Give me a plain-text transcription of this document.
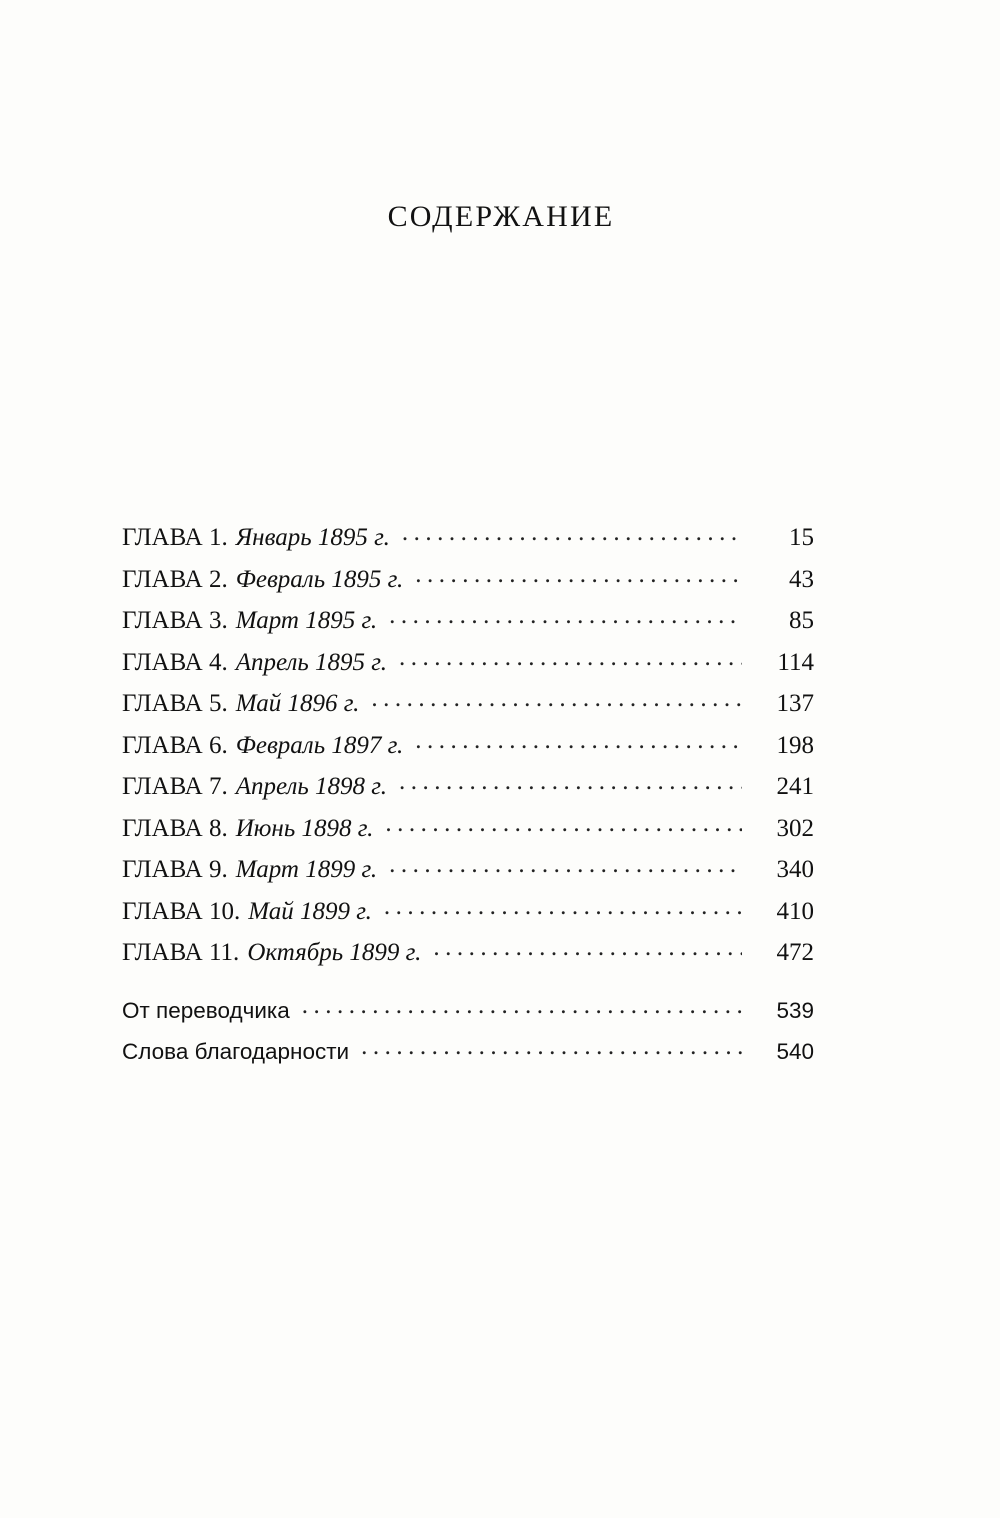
СОДЕРЖАНИЕ
ГЛАВА 1. Январь 1895 г. .....	15
ГЛАВА 2. Февраль 1895 г. .....	43
ГЛАВА 3. Март 1895 г. .....	85
ГЛАВА 4. Апрель 1895 г. .....	114
ГЛАВА 5. Май 1896 г. .....	137
ГЛАВА 6. Февраль 1897 г. .....	198
ГЛАВА 7. Апрель 1898 г. .....	241
ГЛАВА 8. Июнь 1898 г. .....	302
ГЛАВА 9. Март 1899 г. .....	340
ГЛАВА 10. Май 1899 г. .....	410
ГЛАВА 11. Октябрь 1899 г. .....	472
От переводчика .....	539
Слова благодарности .....	540
